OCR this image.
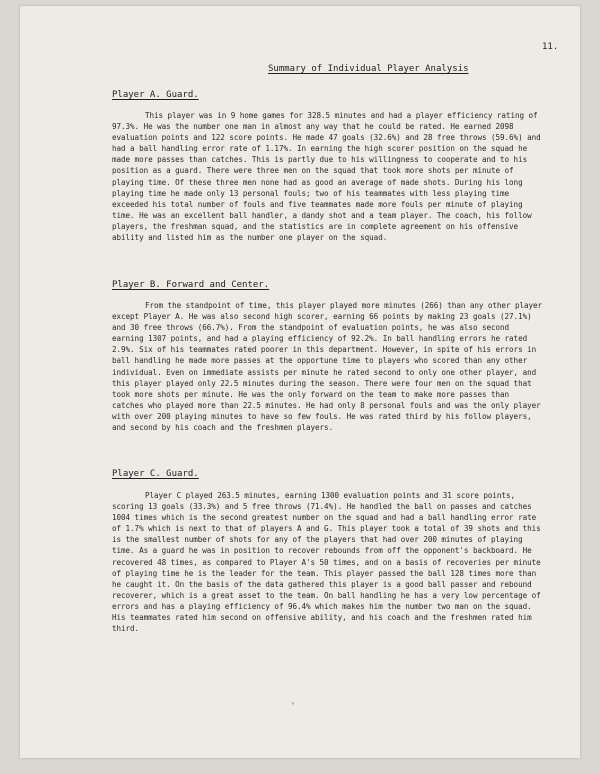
11.
Summary of Individual Player Analysis
Player A. Guard.

This player was in 9 home games for 328.5 minutes and had a player efficiency rating of 97.3%. He was the number one man in almost any way that he could be rated. He earned 2098 evaluation points and 122 score points. He made 47 goals (32.6%) and 28 free throws (59.6%) and had a ball handling error rate of 1.17%. In earning the high scorer position on the squad he made more passes than catches. This is partly due to his willingness to cooperate and to his position as a guard. There were three men on the squad that took more shots per minute of playing time. Of these three men none had as good an average of made shots. During his long playing time he made only 13 personal fouls; two of his teammates with less playing time exceeded his total number of fouls and five teammates made more fouls per minute of playing time. He was an excellent ball handler, a dandy shot and a team player. The coach, his follow players, the freshman squad, and the statistics are in complete agreement on his offensive ability and listed him as the number one player on the squad.

Player B. Forward and Center.

From the standpoint of time, this player played more minutes (266) than any other player except Player A. He was also second high scorer, earning 66 points by making 23 goals (27.1%) and 30 free throws (66.7%). From the standpoint of evaluation points, he was also second earning 1307 points, and had a playing efficiency of 92.2%. In ball handling errors he rated 2.9%. Six of his teammates rated poorer in this department. However, in spite of his errors in ball handling he made more passes at the opportune time to players who scored than any other individual. Even on immediate assists per minute he rated second to only one other player, and this player played only 22.5 minutes during the season. There were four men on the squad that took more shots per minute. He was the only forward on the team to make more passes than catches who played more than 22.5 minutes. He had only 8 personal fouls and was the only player with over 200 playing minutes to have so few fouls. He was rated third by his follow players, and second by his coach and the freshmen players.

Player C. Guard.

Player C played 263.5 minutes, earning 1300 evaluation points and 31 score points, scoring 13 goals (33.3%) and 5 free throws (71.4%). He handled the ball on passes and catches 1004 times which is the second greatest number on the squad and had a ball handling error rate of 1.7% which is next to that of players A and G. This player took a total of 39 shots and this is the smallest number of shots for any of the players that had over 200 minutes of playing time. As a guard he was in position to recover rebounds from off the opponent's backboard. He recovered 48 times, as compared to Player A's 50 times, and on a basis of recoveries per minute of playing time he is the leader for the team. This player passed the ball 128 times more than he caught it. On the basis of the data gathered this player is a good ball passer and rebound recoverer, which is a great asset to the team. On ball handling he has a very low percentage of errors and has a playing efficiency of 96.4% which makes him the number two man on the squad. His teammates rated him second on offensive ability, and his coach and the freshmen rated him third.

˚
